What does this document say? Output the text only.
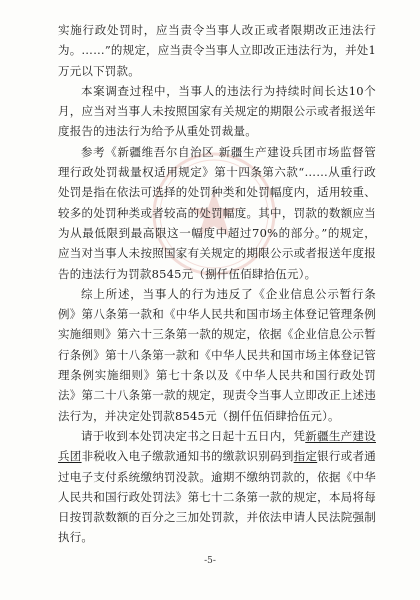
实施行政处罚时，应当责令当事人改正或者限期改正违法行为。……”的规定，应当责令当事人立即改正违法行为，并处1万元以下罚款。

本案调查过程中，当事人的违法行为持续时间长达10个月，应当对当事人未按照国家有关规定的期限公示或者报送年度报告的违法行为给予从重处罚裁量。

参考《新疆维吾尔自治区 新疆生产建设兵团市场监督管理行政处罚裁量权适用规定》第十四条第六款“……从重行政处罚是指在依法可选择的处罚种类和处罚幅度内，适用较重、较多的处罚种类或者较高的处罚幅度。其中，罚款的数额应当为从最低限到最高限这一幅度中超过70%的部分。”的规定，应当对当事人未按照国家有关规定的期限公示或者报送年度报告的违法行为罚款8545元（捌仟伍佰肆拾伍元）。

综上所述，当事人的行为违反了《企业信息公示暂行条例》第八条第一款和《中华人民共和国市场主体登记管理条例实施细则》第六十三条第一款的规定，依据《企业信息公示暂行条例》第十八条第一款和《中华人民共和国市场主体登记管理条例实施细则》第七十条以及《中华人民共和国行政处罚法》第二十八条第一款的规定，现责令当事人立即改正上述违法行为，并决定处罚款8545元（捌仟伍佰肆拾伍元）。

请于收到本处罚决定书之日起十五日内，凭新疆生产建设兵团非税收入电子缴款通知书的缴款识别码到指定银行或者通过电子支付系统缴纳罚没款。逾期不缴纳罚款的，依据《中华人民共和国行政处罚法》第七十二条第一款的规定，本局将每日按罚款数额的百分之三加处罚款，并依法申请人民法院强制执行。

-5-
